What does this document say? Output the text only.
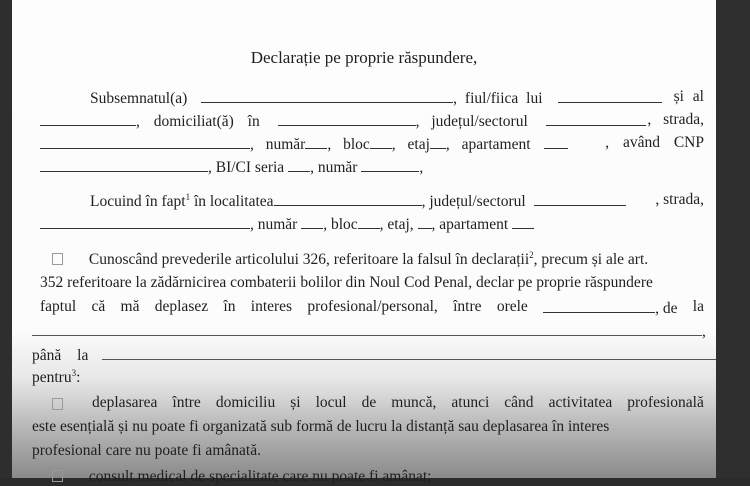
Declarație pe proprie răspundere,
Subsemnatul(a)	, fiul/fiica lui	și al
, domiciliat(ă) în	, județul/sectorul	, strada,
, număr , bloc , etaj , apartament	, având CNP
, BI/CI seria , număr	,
Locuind în fapt$^1$ în localitatea	, județul/sectorul	, strada,
, număr , bloc , etaj, , apartament
Cunoscând prevederile articolului 326, referitoare la falsul în declarații$^2$, precum și ale art.
352 referitoare la zădărnicirea combaterii bolilor din Noul Cod Penal, declar pe proprie răspundere
faptul că mă deplasez în interes profesional/personal, între orele	, de la
,
până la
pentru$^3$:
deplasarea între domiciliu și locul de muncă, atunci când activitatea profesională
este esențială și nu poate fi organizată sub formă de lucru la distanță sau deplasarea în interes
profesional care nu poate fi amânată.
consult medical de specialitate care nu poate fi amânat;
